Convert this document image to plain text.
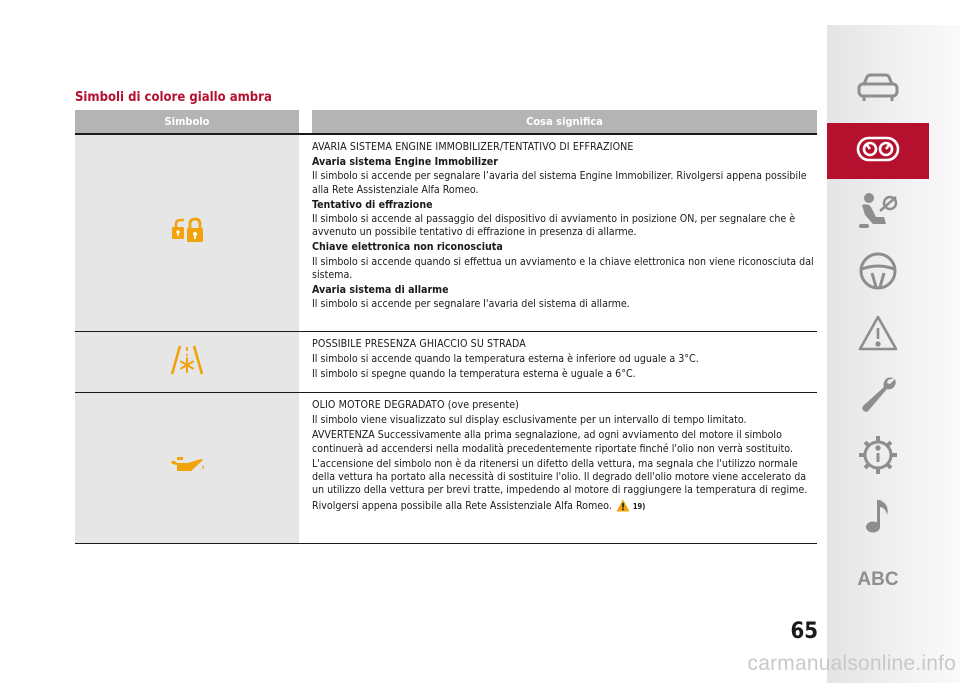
Simboli di colore giallo ambra
Simbolo	Cosa significa

AVARIA SISTEMA ENGINE IMMOBILIZER/TENTATIVO DI EFFRAZIONE

Avaria sistema Engine Immobilizer

Il simbolo si accende per segnalare l’avaria del sistema Engine Immobilizer. Rivolgersi appena possibile alla Rete Assistenziale Alfa Romeo.

Tentativo di effrazione

Il simbolo si accende al passaggio del dispositivo di avviamento in posizione ON, per segnalare che è avvenuto un possibile tentativo di effrazione in presenza di allarme.

Chiave elettronica non riconosciuta

Il simbolo si accende quando si effettua un avviamento e la chiave elettronica non viene riconosciuta dal sistema.

Avaria sistema di allarme

Il simbolo si accende per segnalare l'avaria del sistema di allarme.

POSSIBILE PRESENZA GHIACCIO SU STRADA

Il simbolo si accende quando la temperatura esterna è inferiore od uguale a 3°C.

Il simbolo si spegne quando la temperatura esterna è uguale a 6°C.

OLIO MOTORE DEGRADATO (ove presente)

Il simbolo viene visualizzato sul display esclusivamente per un intervallo di tempo limitato.

AVVERTENZA Successivamente alla prima segnalazione, ad ogni avviamento del motore il simbolo continuerà ad accendersi nella modalità precedentemente riportate finché l'olio non verrà sostituito.

L'accensione del simbolo non è da ritenersi un difetto della vettura, ma segnala che l'utilizzo normale della vettura ha portato alla necessità di sostituire l'olio. Il degrado dell'olio motore viene accelerato da un utilizzo della vettura per brevi tratte, impedendo al motore di raggiungere la temperatura di regime.

Rivolgersi appena possibile alla Rete Assistenziale Alfa Romeo.	19)

ABC
65
carmanualsonline.info
